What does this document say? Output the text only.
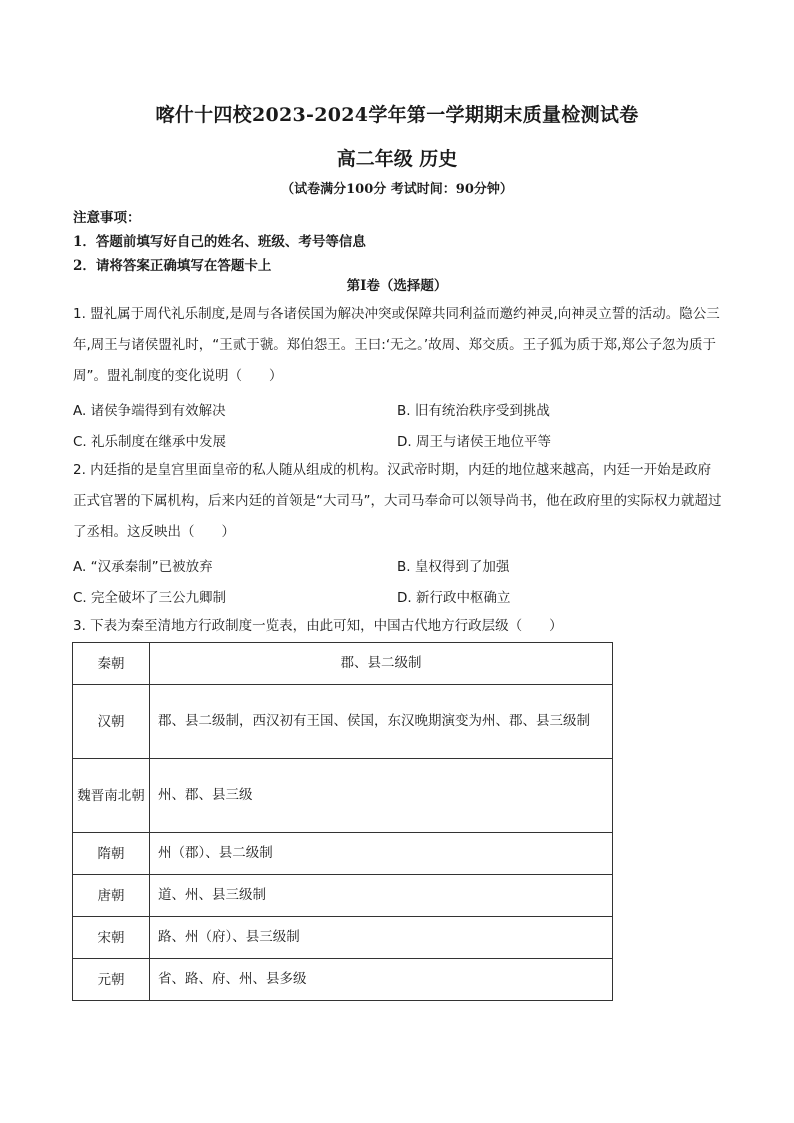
喀什十四校2023-2024学年第一学期期末质量检测试卷
高二年级 历史
（试卷满分100分 考试时间：90分钟）
注意事项：
1．答题前填写好自己的姓名、班级、考号等信息
2．请将答案正确填写在答题卡上
第Ⅰ卷（选择题）
1. 盟礼属于周代礼乐制度,是周与各诸侯国为解决冲突或保障共同利益而邀约神灵,向神灵立誓的活动。隐公三年,周王与诸侯盟礼时，“王贰于虢。郑伯怨王。王曰:‘无之。’故周、郑交质。王子狐为质于郑,郑公子忽为质于周”。盟礼制度的变化说明（　　）
A. 诸侯争端得到有效解决	B. 旧有统治秩序受到挑战
C. 礼乐制度在继承中发展	D. 周王与诸侯王地位平等
2. 内廷指的是皇宫里面皇帝的私人随从组成的机构。汉武帝时期，内廷的地位越来越高，内廷一开始是政府正式官署的下属机构，后来内廷的首领是“大司马”，大司马奉命可以领导尚书，他在政府里的实际权力就超过了丞相。这反映出（　　）
A. “汉承秦制”已被放弃	B. 皇权得到了加强
C. 完全破坏了三公九卿制	D. 新行政中枢确立
3. 下表为秦至清地方行政制度一览表，由此可知，中国古代地方行政层级（　　）
秦朝	郡、县二级制
汉朝	郡、县二级制，西汉初有王国、侯国，东汉晚期演变为州、郡、县三级制
魏晋南北朝	州、郡、县三级
隋朝	州（郡）、县二级制
唐朝	道、州、县三级制
宋朝	路、州（府）、县三级制
元朝	省、路、府、州、县多级
